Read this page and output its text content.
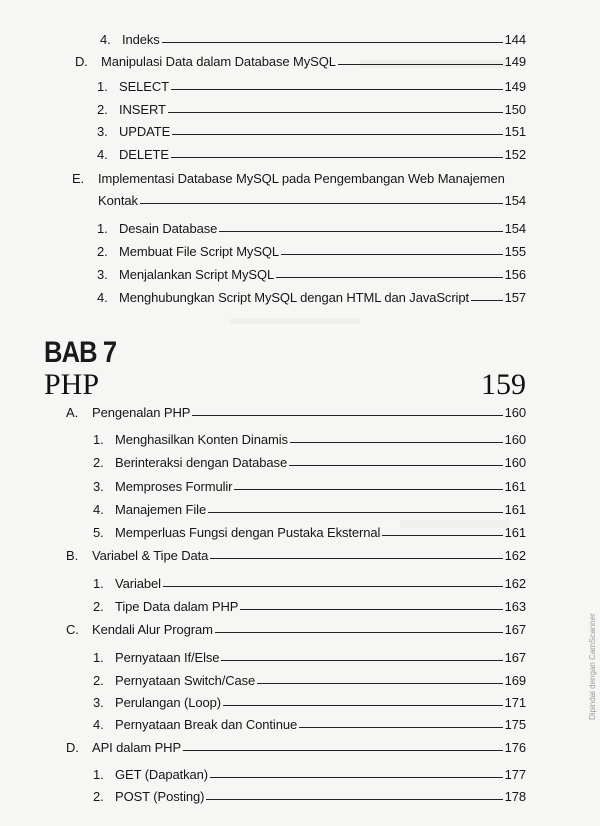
4. Indeks	144
D.	Manipulasi Data dalam Database MySQL	149
1. SELECT	149
2. INSERT	150
3. UPDATE	151
4. DELETE	152
E.	Implementasi Database MySQL pada Pengembangan Web Manajemen
Kontak	154
1. Desain Database	154
2. Membuat File Script MySQL	155
3. Menjalankan Script MySQL	156
4. Menghubungkan Script MySQL dengan HTML dan JavaScript	157
BAB 7
PHP	159
A.	Pengenalan PHP	160
1. Menghasilkan Konten Dinamis	160
2. Berinteraksi dengan Database	160
3. Memproses Formulir	161
4. Manajemen File	161
5. Memperluas Fungsi dengan Pustaka Eksternal	161
B.	Variabel & Tipe Data	162
1. Variabel	162
2. Tipe Data dalam PHP	163
C.	Kendali Alur Program	167
1. Pernyataan If/Else	167
2. Pernyataan Switch/Case	169
3. Perulangan (Loop)	171
4. Pernyataan Break dan Continue	175
D.	API dalam PHP	176
1. GET (Dapatkan)	177
2. POST (Posting)	178
Dipindai dengan CamScanner
